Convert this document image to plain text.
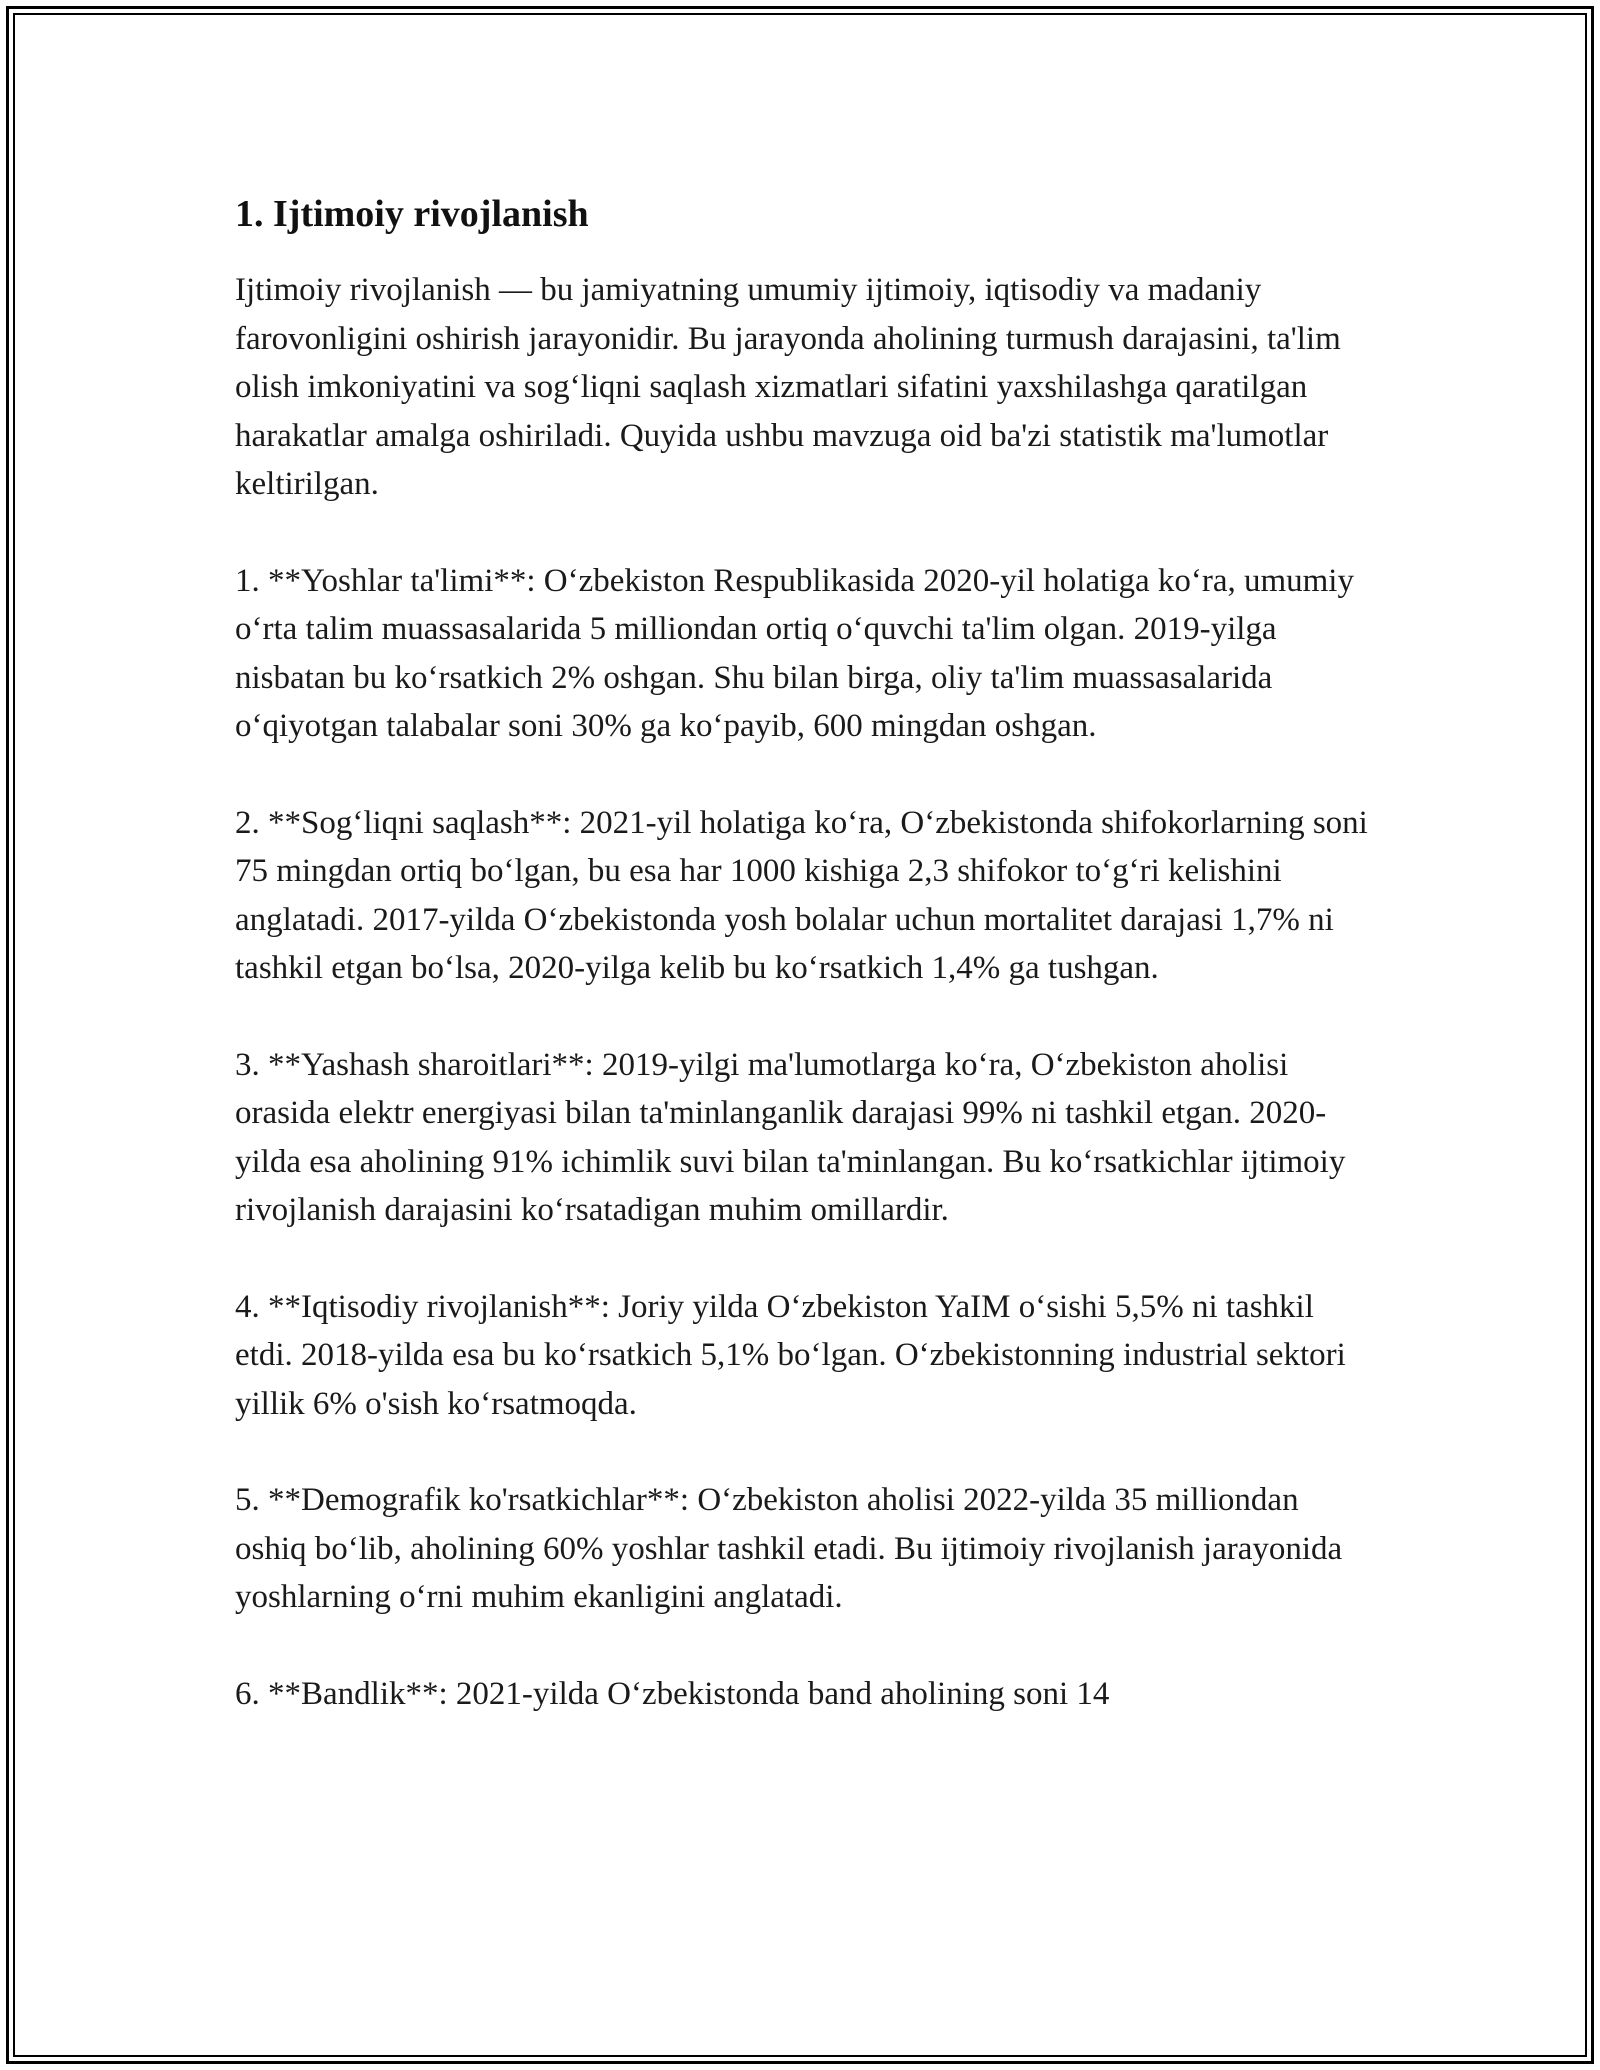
1. Ijtimoiy rivojlanish

Ijtimoiy rivojlanish — bu jamiyatning umumiy ijtimoiy, iqtisodiy va madaniy farovonligini oshirish jarayonidir. Bu jarayonda aholining turmush darajasini, ta'lim olish imkoniyatini va sog‘liqni saqlash xizmatlari sifatini yaxshilashga qaratilgan harakatlar amalga oshiriladi. Quyida ushbu mavzuga oid ba'zi statistik ma'lumotlar keltirilgan.

1. **Yoshlar ta'limi**: O‘zbekiston Respublikasida 2020-yil holatiga ko‘ra, umumiy o‘rta talim muassasalarida 5 milliondan ortiq o‘quvchi ta'lim olgan. 2019-yilga nisbatan bu ko‘rsatkich 2% oshgan. Shu bilan birga, oliy ta'lim muassasalarida o‘qiyotgan talabalar soni 30% ga ko‘payib, 600 mingdan oshgan.

2. **Sog‘liqni saqlash**: 2021-yil holatiga ko‘ra, O‘zbekistonda shifokorlarning soni 75 mingdan ortiq bo‘lgan, bu esa har 1000 kishiga 2,3 shifokor to‘g‘ri kelishini anglatadi. 2017-yilda O‘zbekistonda yosh bolalar uchun mortalitet darajasi 1,7% ni tashkil etgan bo‘lsa, 2020-yilga kelib bu ko‘rsatkich 1,4% ga tushgan.

3. **Yashash sharoitlari**: 2019-yilgi ma'lumotlarga ko‘ra, O‘zbekiston aholisi orasida elektr energiyasi bilan ta'minlanganlik darajasi 99% ni tashkil etgan. 2020-yilda esa aholining 91% ichimlik suvi bilan ta'minlangan. Bu ko‘rsatkichlar ijtimoiy rivojlanish darajasini ko‘rsatadigan muhim omillardir.

4. **Iqtisodiy rivojlanish**: Joriy yilda O‘zbekiston YaIM o‘sishi 5,5% ni tashkil etdi. 2018-yilda esa bu ko‘rsatkich 5,1% bo‘lgan. O‘zbekistonning industrial sektori yillik 6% o'sish ko‘rsatmoqda.

5. **Demografik ko'rsatkichlar**: O‘zbekiston aholisi 2022-yilda 35 milliondan oshiq bo‘lib, aholining 60% yoshlar tashkil etadi. Bu ijtimoiy rivojlanish jarayonida yoshlarning o‘rni muhim ekanligini anglatadi.

6. **Bandlik**: 2021-yilda O‘zbekistonda band aholining soni 14
